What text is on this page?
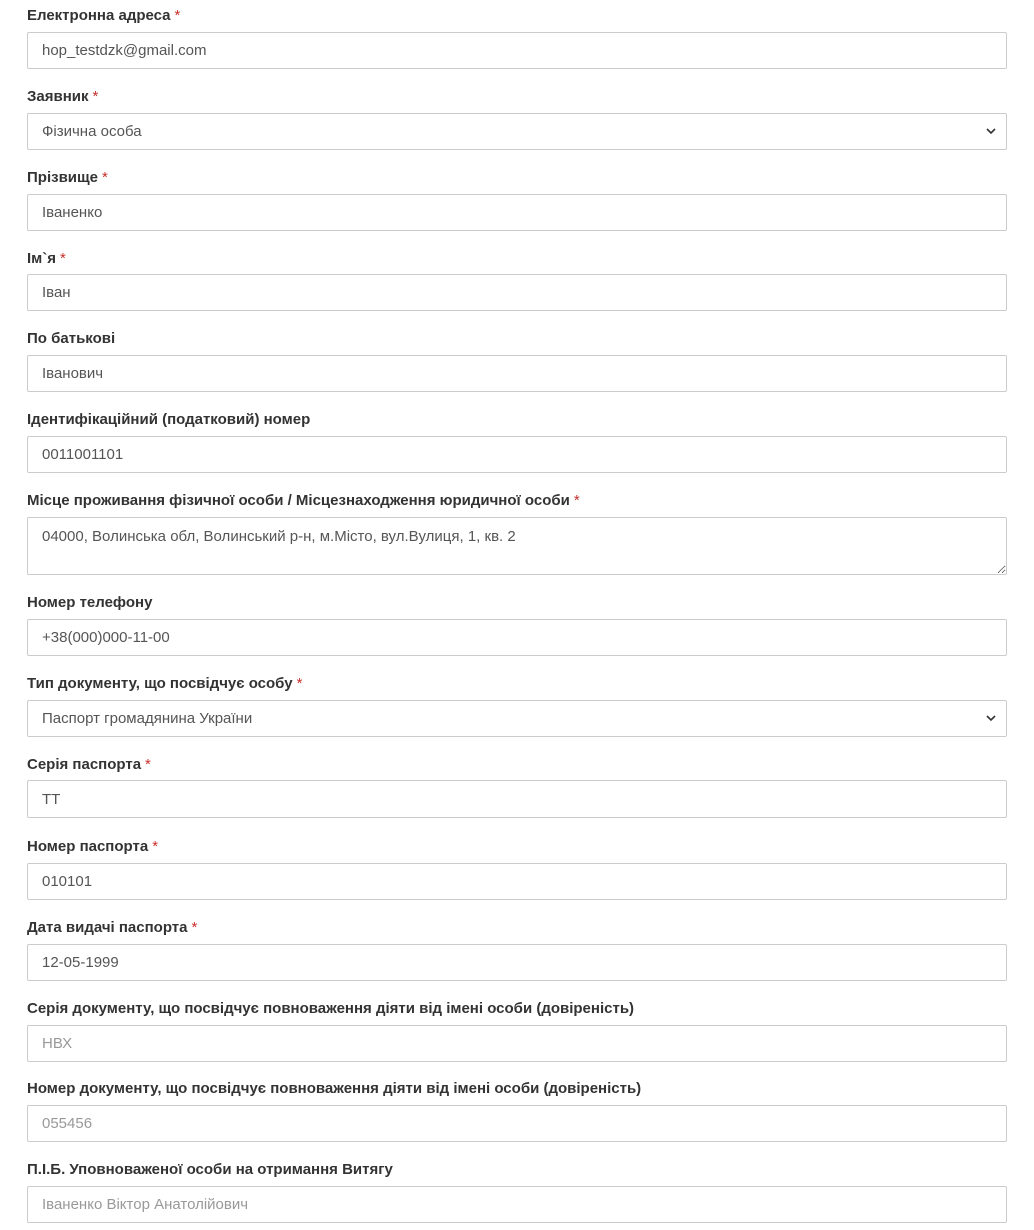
Електронна адреса *
hop_testdzk@gmail.com
Заявник *
Фізична особа
Прізвище *
Іваненко
Ім`я *
Іван
По батькові
Іванович
Ідентифікаційний (податковий) номер
0011001101
Місце проживання фізичної особи / Місцезнаходження юридичної особи *
04000, Волинська обл, Волинський р-н, м.Місто, вул.Вулиця, 1, кв. 2
Номер телефону
+38(000)000-11-00
Тип документу, що посвідчує особу *
Паспорт громадянина України
Серія паспорта *
ТТ
Номер паспорта *
010101
Дата видачі паспорта *
12-05-1999
Серія документу, що посвідчує повноваження діяти від імені особи (довіреність)
НВХ
Номер документу, що посвідчує повноваження діяти від імені особи (довіреність)
055456
П.І.Б. Уповноваженої особи на отримання Витягу
Іваненко Віктор Анатолійович
